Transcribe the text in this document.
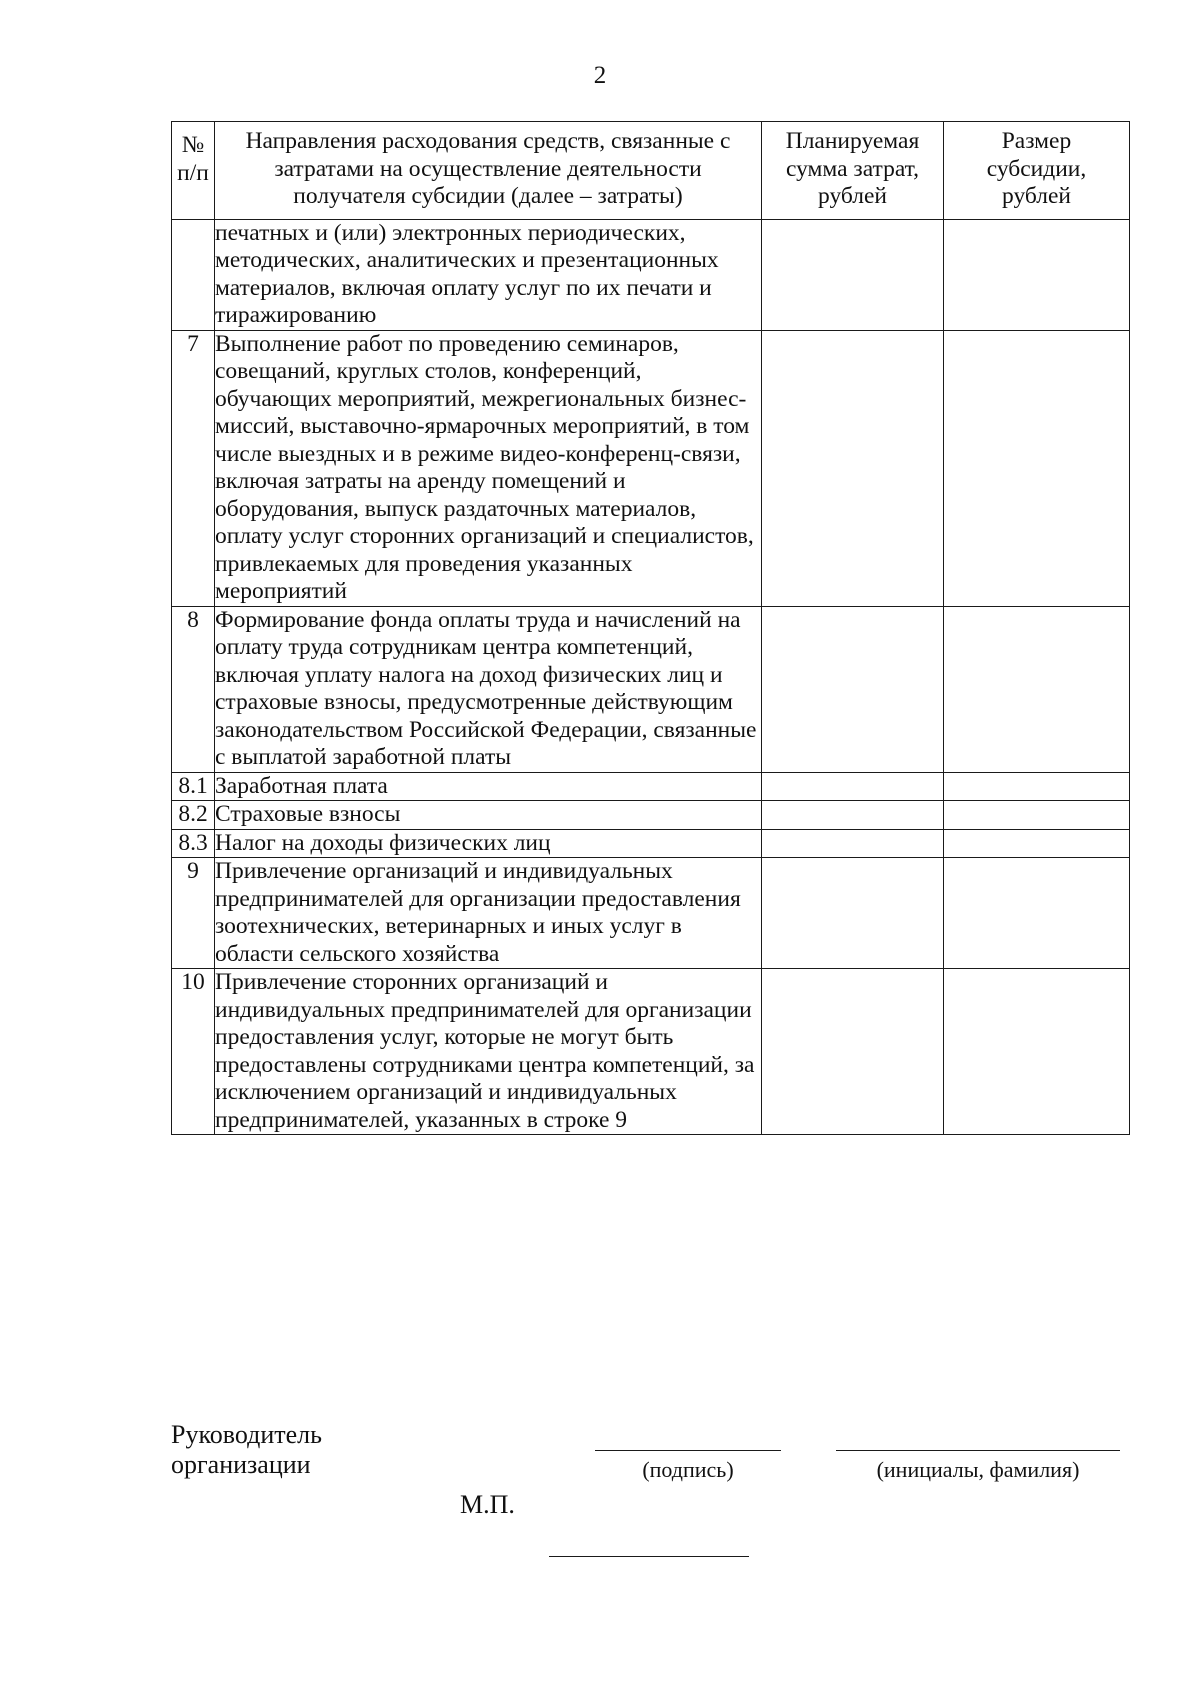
2
№ п/п	Направления расходования средств, связанные с затратами на осуществление деятельности получателя субсидии (далее – затраты)	Планируемая сумма затрат, рублей	Размер субсидии, рублей
	печатных и (или) электронных периодических, методических, аналитических и презентационных материалов, включая оплату услуг по их печати и тиражированию		
7	Выполнение работ по проведению семинаров, совещаний, круглых столов, конференций, обучающих мероприятий, межрегиональных бизнес-миссий, выставочно-ярмарочных мероприятий, в том числе выездных и в режиме видео-конференц-связи, включая затраты на аренду помещений и оборудования, выпуск раздаточных материалов, оплату услуг сторонних организаций и специалистов, привлекаемых для проведения указанных мероприятий		
8	Формирование фонда оплаты труда и начислений на оплату труда сотрудникам центра компетенций, включая уплату налога на доход физических лиц и страховые взносы, предусмотренные действующим законодательством Российской Федерации, связанные с выплатой заработной платы		
8.1	Заработная плата		
8.2	Страховые взносы		
8.3	Налог на доходы физических лиц		
9	Привлечение организаций и индивидуальных предпринимателей для организации предоставления зоотехнических, ветеринарных и иных услуг в области сельского хозяйства		
10	Привлечение сторонних организаций и индивидуальных предпринимателей для организации предоставления услуг, которые не могут быть предоставлены сотрудниками центра компетенций, за исключением организаций и индивидуальных предпринимателей, указанных в строке 9		
Руководитель организации	(подпись)	(инициалы, фамилия)
М.П.
